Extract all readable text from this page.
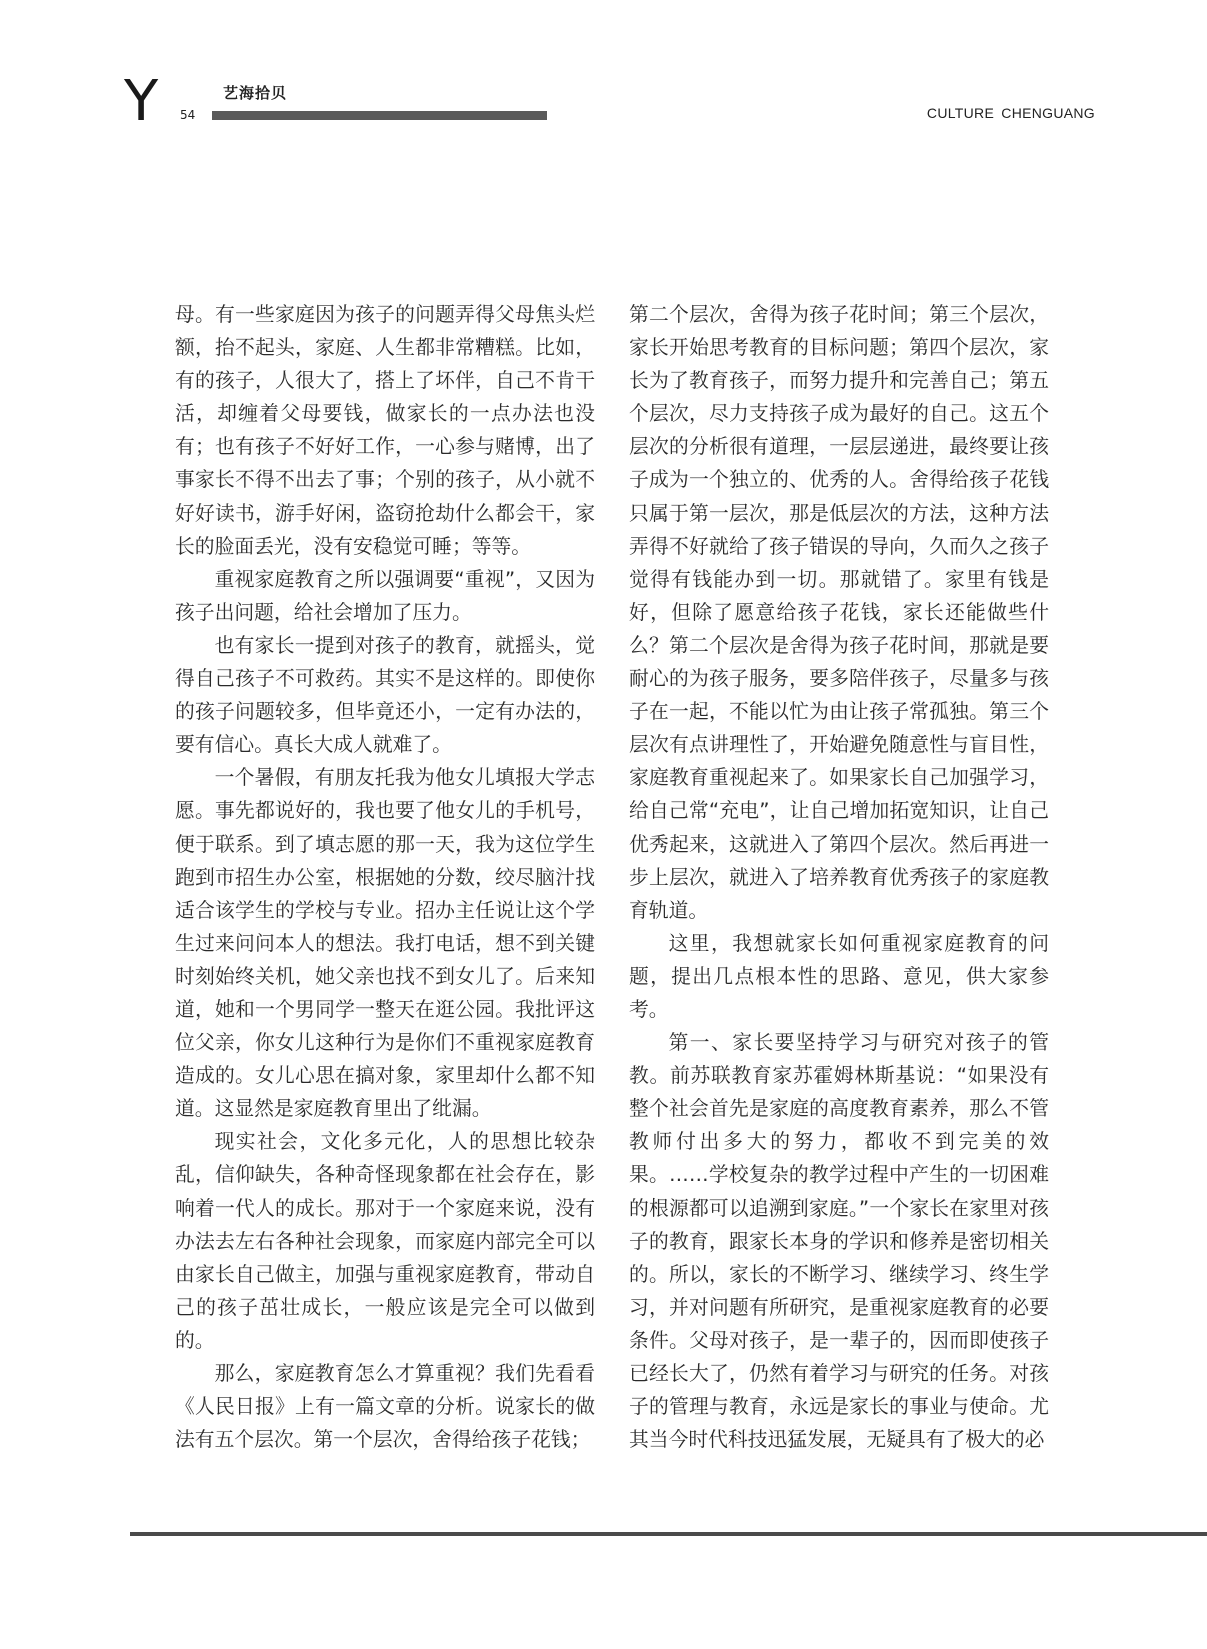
Y	艺海拾贝
54	CULTURE CHENGUANG

母。有一些家庭因为孩子的问题弄得父母焦头烂额，抬不起头，家庭、人生都非常糟糕。比如，有的孩子，人很大了，搭上了坏伴，自己不肯干活，却缠着父母要钱，做家长的一点办法也没有；也有孩子不好好工作，一心参与赌博，出了事家长不得不出去了事；个别的孩子，从小就不好好读书，游手好闲，盗窃抢劫什么都会干，家长的脸面丢光，没有安稳觉可睡；等等。

重视家庭教育之所以强调要“重视”，又因为孩子出问题，给社会增加了压力。

也有家长一提到对孩子的教育，就摇头，觉得自己孩子不可救药。其实不是这样的。即使你的孩子问题较多，但毕竟还小，一定有办法的，要有信心。真长大成人就难了。

一个暑假，有朋友托我为他女儿填报大学志愿。事先都说好的，我也要了他女儿的手机号，便于联系。到了填志愿的那一天，我为这位学生跑到市招生办公室，根据她的分数，绞尽脑汁找适合该学生的学校与专业。招办主任说让这个学生过来问问本人的想法。我打电话，想不到关键时刻始终关机，她父亲也找不到女儿了。后来知道，她和一个男同学一整天在逛公园。我批评这位父亲，你女儿这种行为是你们不重视家庭教育造成的。女儿心思在搞对象，家里却什么都不知道。这显然是家庭教育里出了纰漏。

现实社会，文化多元化，人的思想比较杂乱，信仰缺失，各种奇怪现象都在社会存在，影响着一代人的成长。那对于一个家庭来说，没有办法去左右各种社会现象，而家庭内部完全可以由家长自己做主，加强与重视家庭教育，带动自己的孩子茁壮成长，一般应该是完全可以做到的。

那么，家庭教育怎么才算重视？我们先看看《人民日报》上有一篇文章的分析。说家长的做法有五个层次。第一个层次，舍得给孩子花钱；

第二个层次，舍得为孩子花时间；第三个层次，家长开始思考教育的目标问题；第四个层次，家长为了教育孩子，而努力提升和完善自己；第五个层次，尽力支持孩子成为最好的自己。这五个层次的分析很有道理，一层层递进，最终要让孩子成为一个独立的、优秀的人。舍得给孩子花钱只属于第一层次，那是低层次的方法，这种方法弄得不好就给了孩子错误的导向，久而久之孩子觉得有钱能办到一切。那就错了。家里有钱是好，但除了愿意给孩子花钱，家长还能做些什么？第二个层次是舍得为孩子花时间，那就是要耐心的为孩子服务，要多陪伴孩子，尽量多与孩子在一起，不能以忙为由让孩子常孤独。第三个层次有点讲理性了，开始避免随意性与盲目性，家庭教育重视起来了。如果家长自己加强学习，给自己常“充电”，让自己增加拓宽知识，让自己优秀起来，这就进入了第四个层次。然后再进一步上层次，就进入了培养教育优秀孩子的家庭教育轨道。

这里，我想就家长如何重视家庭教育的问题，提出几点根本性的思路、意见，供大家参考。

第一、家长要坚持学习与研究对孩子的管教。前苏联教育家苏霍姆林斯基说：“如果没有整个社会首先是家庭的高度教育素养，那么不管教师付出多大的努力，都收不到完美的效果。……学校复杂的教学过程中产生的一切困难的根源都可以追溯到家庭。”一个家长在家里对孩子的教育，跟家长本身的学识和修养是密切相关的。所以，家长的不断学习、继续学习、终生学习，并对问题有所研究，是重视家庭教育的必要条件。父母对孩子，是一辈子的，因而即使孩子已经长大了，仍然有着学习与研究的任务。对孩子的管理与教育，永远是家长的事业与使命。尤其当今时代科技迅猛发展，无疑具有了极大的必
